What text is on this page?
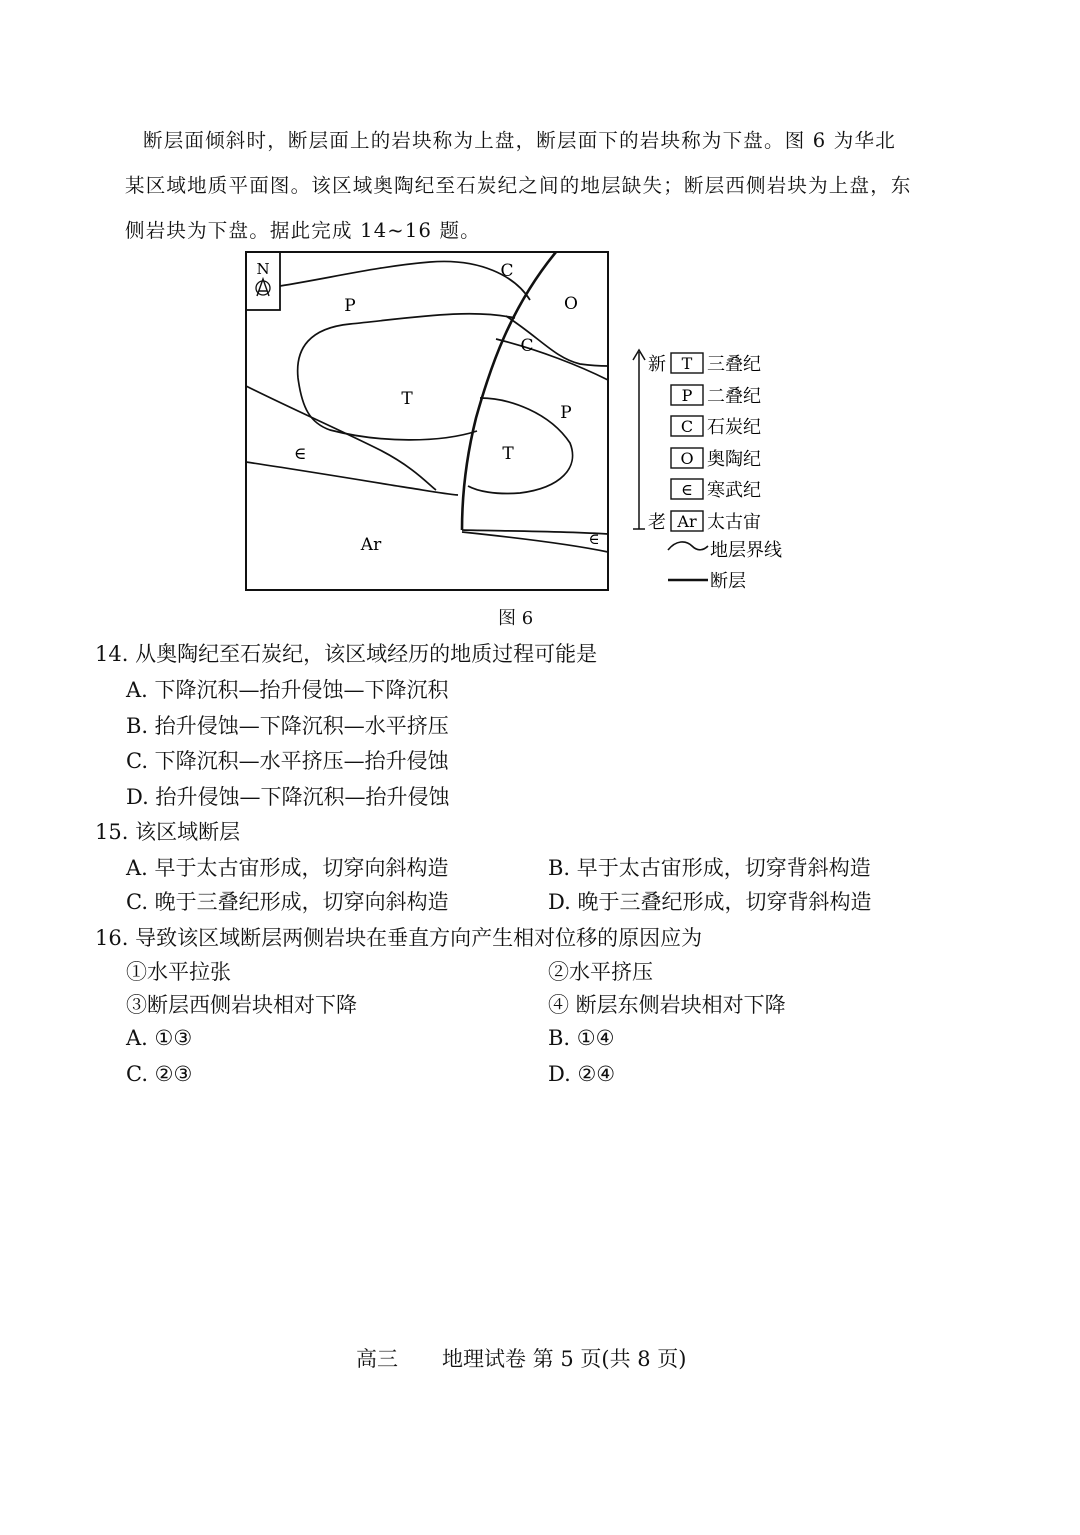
断层面倾斜时，断层面上的岩块称为上盘，断层面下的岩块称为下盘。图 6 为华北

某区域地质平面图。该区域奥陶纪至石炭纪之间的地层缺失；断层西侧岩块为上盘，东

侧岩块为下盘。据此完成 14~16 题。

N	C
O
P
C
T
P
T
∈
Ar	∈
新
老
T 三叠纪
P 二叠纪
C 石炭纪
O 奥陶纪
∈ 寒武纪
Ar 太古宙
地层界线
断层
图 6
14. 从奥陶纪至石炭纪，该区域经历的地质过程可能是
A. 下降沉积—抬升侵蚀—下降沉积
B. 抬升侵蚀—下降沉积—水平挤压
C. 下降沉积—水平挤压—抬升侵蚀
D. 抬升侵蚀—下降沉积—抬升侵蚀
15. 该区域断层
A. 早于太古宙形成，切穿向斜构造	B. 早于太古宙形成，切穿背斜构造
C. 晚于三叠纪形成，切穿向斜构造	D. 晚于三叠纪形成，切穿背斜构造
16. 导致该区域断层两侧岩块在垂直方向产生相对位移的原因应为
①水平拉张	②水平挤压
③断层西侧岩块相对下降	④ 断层东侧岩块相对下降
A. ①③	B. ①④
C. ②③	D. ②④
高三 地理试卷 第 5 页(共 8 页)
